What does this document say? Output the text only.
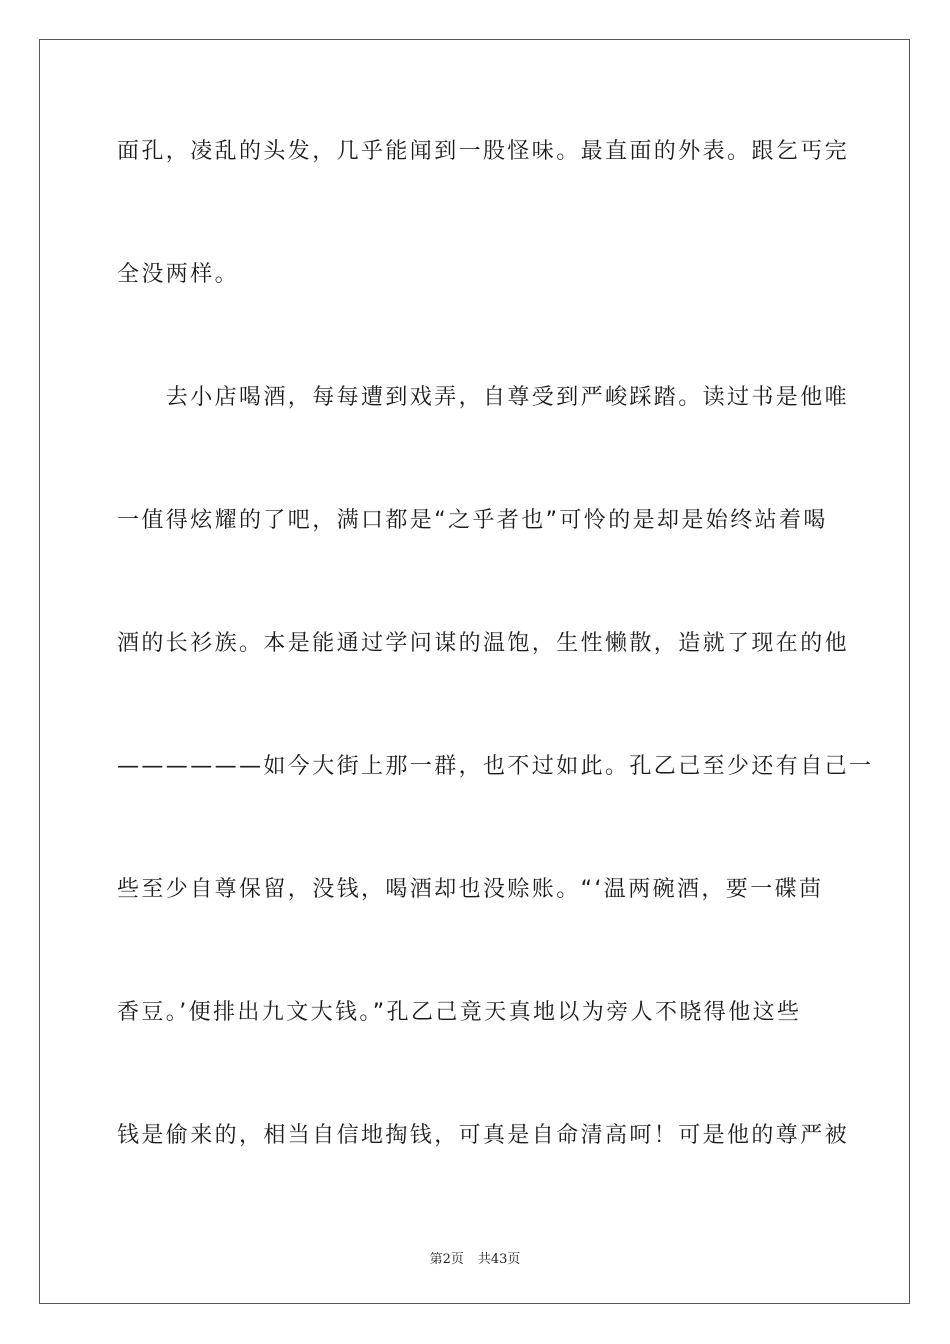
面孔，凌乱的头发，几乎能闻到一股怪味。最直面的外表。跟乞丐完
全没两样。
　　去小店喝酒，每每遭到戏弄，自尊受到严峻踩踏。读过书是他唯
一值得炫耀的了吧，满口都是“之乎者也”可怜的是却是始终站着喝
酒的长衫族。本是能通过学问谋的温饱，生性懒散，造就了现在的他
——————如今大街上那一群，也不过如此。孔乙己至少还有自己一
些至少自尊保留，没钱，喝酒却也没赊账。“‘温两碗酒，要一碟茴
香豆。’便排出九文大钱。”孔乙己竟天真地以为旁人不晓得他这些
钱是偷来的，相当自信地掏钱，可真是自命清高呵！可是他的尊严被
第2页 共43页
